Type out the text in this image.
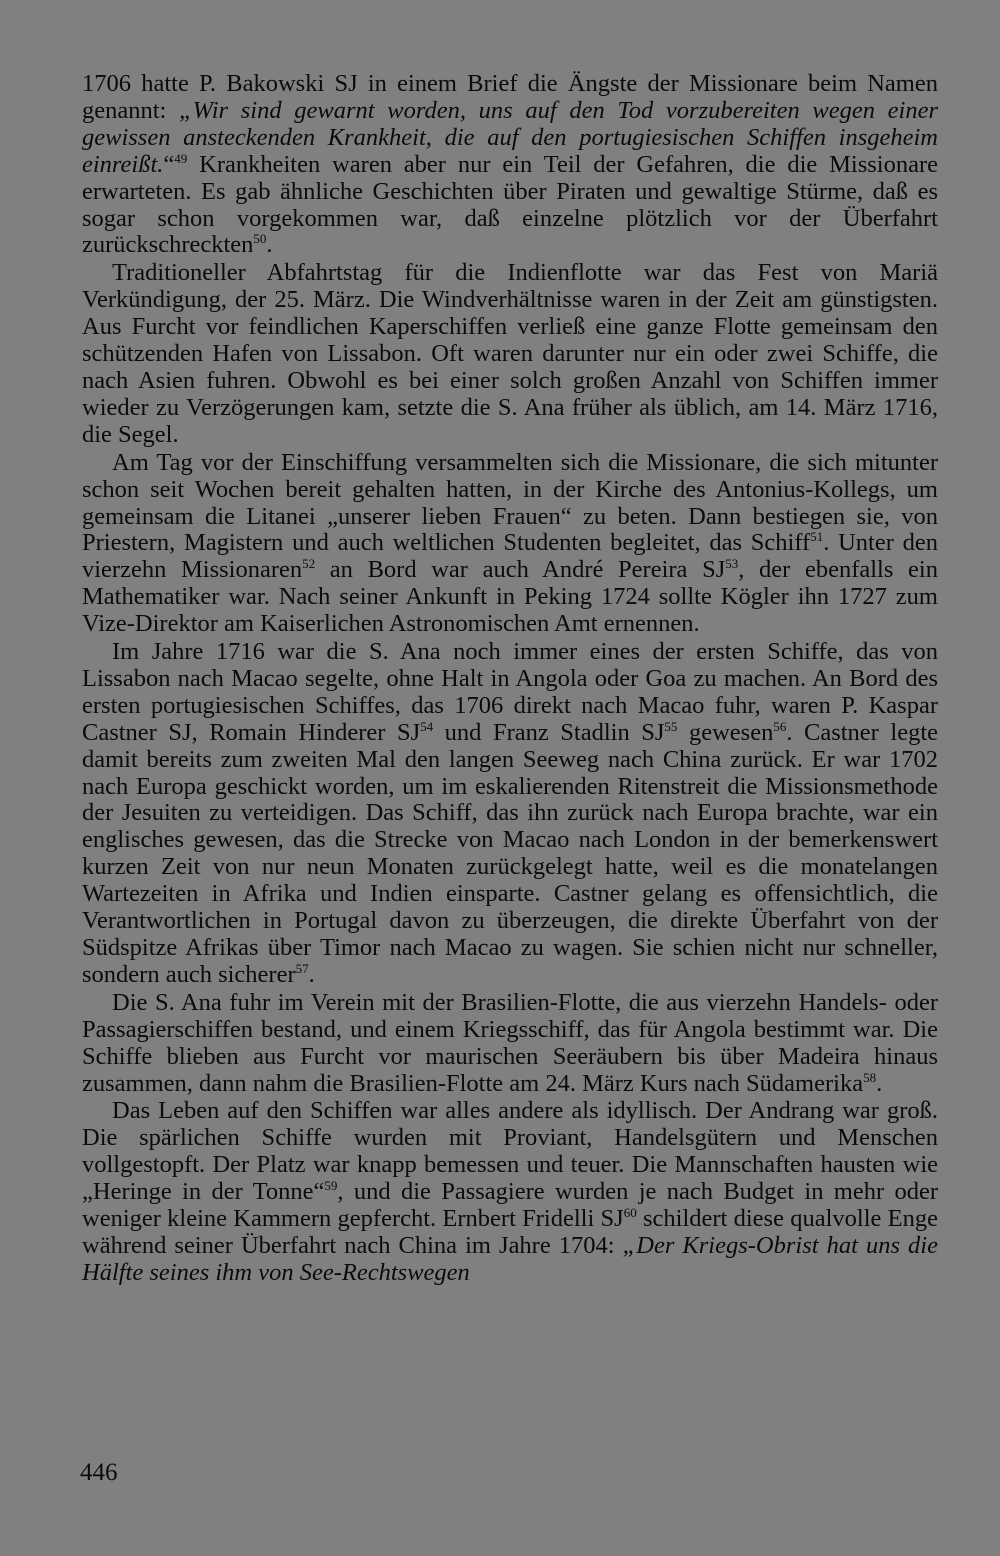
1706 hatte P. Bakowski SJ in einem Brief die Ängste der Missionare beim Namen genannt: „Wir sind gewarnt worden, uns auf den Tod vorzubereiten wegen einer gewissen ansteckenden Krankheit, die auf den portugiesischen Schiffen insgeheim einreißt.“$^{49}$ Krankheiten waren aber nur ein Teil der Gefahren, die die Missionare erwarteten. Es gab ähnliche Geschichten über Piraten und gewaltige Stürme, daß es sogar schon vorgekommen war, daß einzelne plötzlich vor der Überfahrt zurückschreckten$^{50}$.

Traditioneller Abfahrtstag für die Indienflotte war das Fest von Mariä Verkündigung, der 25. März. Die Windverhältnisse waren in der Zeit am günstigsten. Aus Furcht vor feindlichen Kaperschiffen verließ eine ganze Flotte gemeinsam den schützenden Hafen von Lissabon. Oft waren darunter nur ein oder zwei Schiffe, die nach Asien fuhren. Obwohl es bei einer solch großen Anzahl von Schiffen immer wieder zu Verzögerungen kam, setzte die S. Ana früher als üblich, am 14. März 1716, die Segel.

Am Tag vor der Einschiffung versammelten sich die Missionare, die sich mitunter schon seit Wochen bereit gehalten hatten, in der Kirche des Antonius-Kollegs, um gemeinsam die Litanei „unserer lieben Frauen“ zu beten. Dann bestiegen sie, von Priestern, Magistern und auch weltlichen Studenten begleitet, das Schiff$^{51}$. Unter den vierzehn Missionaren$^{52}$ an Bord war auch André Pereira SJ$^{53}$, der ebenfalls ein Mathematiker war. Nach seiner Ankunft in Peking 1724 sollte Kögler ihn 1727 zum Vize-Direktor am Kaiserlichen Astronomischen Amt ernennen.

Im Jahre 1716 war die S. Ana noch immer eines der ersten Schiffe, das von Lissabon nach Macao segelte, ohne Halt in Angola oder Goa zu machen. An Bord des ersten portugiesischen Schiffes, das 1706 direkt nach Macao fuhr, waren P. Kaspar Castner SJ, Romain Hinderer SJ$^{54}$ und Franz Stadlin SJ$^{55}$ gewesen$^{56}$. Castner legte damit bereits zum zweiten Mal den langen Seeweg nach China zurück. Er war 1702 nach Europa geschickt worden, um im eskalierenden Ritenstreit die Missionsmethode der Jesuiten zu verteidigen. Das Schiff, das ihn zurück nach Europa brachte, war ein englisches gewesen, das die Strecke von Macao nach London in der bemerkenswert kurzen Zeit von nur neun Monaten zurückgelegt hatte, weil es die monatelangen Wartezeiten in Afrika und Indien einsparte. Castner gelang es offensichtlich, die Verantwortlichen in Portugal davon zu überzeugen, die direkte Überfahrt von der Südspitze Afrikas über Timor nach Macao zu wagen. Sie schien nicht nur schneller, sondern auch sicherer$^{57}$.

Die S. Ana fuhr im Verein mit der Brasilien-Flotte, die aus vierzehn Handels- oder Passagierschiffen bestand, und einem Kriegsschiff, das für Angola bestimmt war. Die Schiffe blieben aus Furcht vor maurischen Seeräubern bis über Madeira hinaus zusammen, dann nahm die Brasilien-Flotte am 24. März Kurs nach Südamerika$^{58}$.

Das Leben auf den Schiffen war alles andere als idyllisch. Der Andrang war groß. Die spärlichen Schiffe wurden mit Proviant, Handelsgütern und Menschen vollgestopft. Der Platz war knapp bemessen und teuer. Die Mannschaften hausten wie „Heringe in der Tonne“$^{59}$, und die Passagiere wurden je nach Budget in mehr oder weniger kleine Kammern gepfercht. Ernbert Fridelli SJ$^{60}$ schildert diese qualvolle Enge während seiner Überfahrt nach China im Jahre 1704: „Der Kriegs-Obrist hat uns die Hälfte seines ihm von See-Rechtswegen

446
